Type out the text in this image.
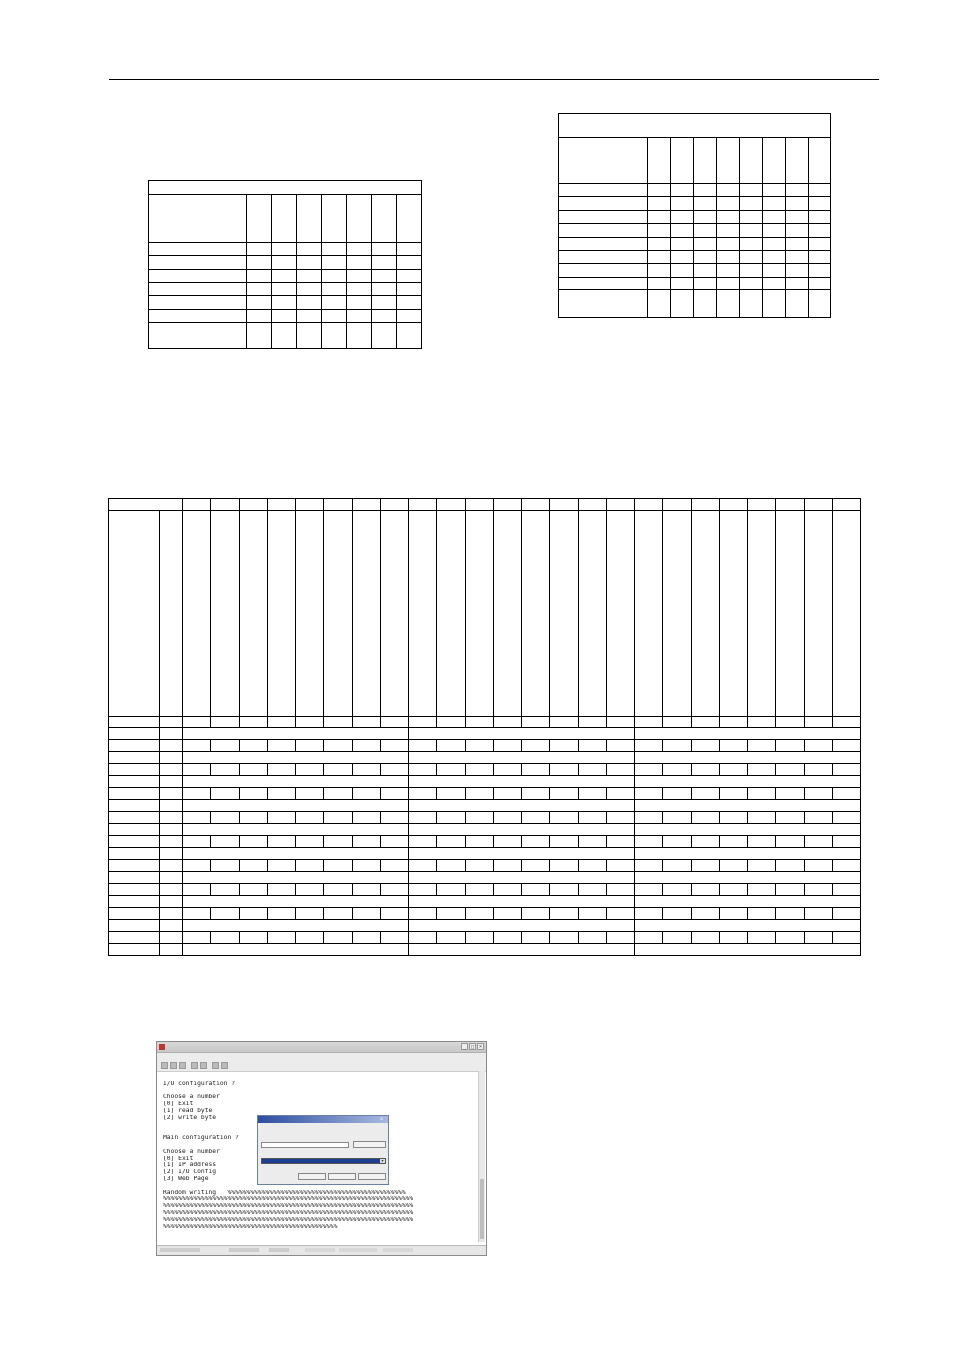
_ □ ×
I/O configuration ?
Choose a number
[0] Exit
[1] read byte
[2] write byte
Main configuration ?
Choose a number
[0] Exit
[1] IP address
[2] I/O Config
[3] Web Page
Random writing   %%%%%%%%%%%%%%%%%%%%%%%%%%%%%%%%%%%%%%%%%%%%%%%
%%%%%%%%%%%%%%%%%%%%%%%%%%%%%%%%%%%%%%%%%%%%%%%%%%%%%%%%%%%%%%%%%%
%%%%%%%%%%%%%%%%%%%%%%%%%%%%%%%%%%%%%%%%%%%%%%%%%%%%%%%%%%%%%%%%%%
%%%%%%%%%%%%%%%%%%%%%%%%%%%%%%%%%%%%%%%%%%%%%%%%%%%%%%%%%%%%%%%%%%
%%%%%%%%%%%%%%%%%%%%%%%%%%%%%%%%%%%%%%%%%%%%%%%%%%%%%%%%%%%%%%%%%%
%%%%%%%%%%%%%%%%%%%%%%%%%%%%%%%%%%%%%%%%%%%%%%
×
▾
